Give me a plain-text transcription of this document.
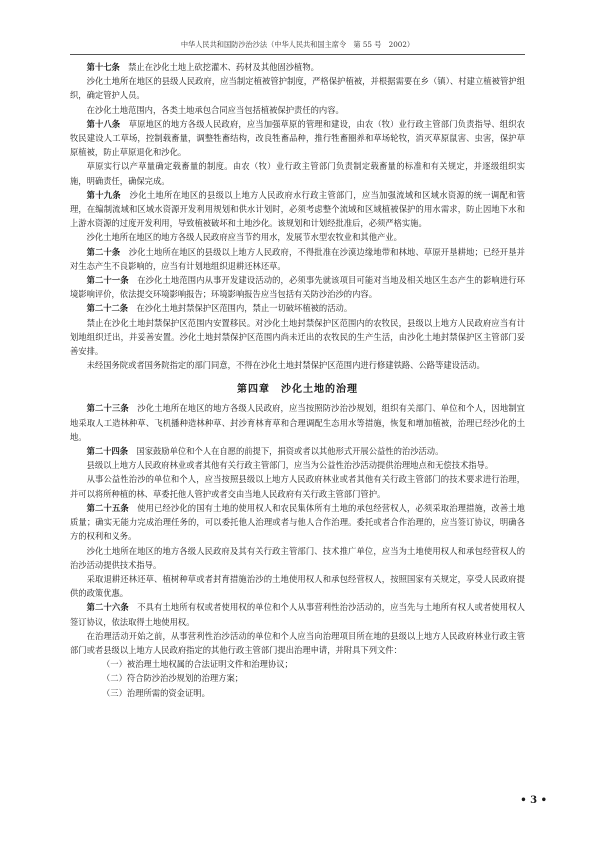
中华人民共和国防沙治沙法（中华人民共和国主席令　第 55 号　2002）

第十七条　禁止在沙化土地上砍挖灌木、药材及其他固沙植物。

沙化土地所在地区的县级人民政府，应当制定植被管护制度，严格保护植被，并根据需要在乡（镇）、村建立植被管护组织，确定管护人员。

在沙化土地范围内，各类土地承包合同应当包括植被保护责任的内容。

第十八条　草原地区的地方各级人民政府，应当加强草原的管理和建设，由农（牧）业行政主管部门负责指导、组织农牧民建设人工草场，控制载畜量，调整牲畜结构，改良牲畜品种，推行牲畜圈养和草场轮牧，消灭草原鼠害、虫害，保护草原植被，防止草原退化和沙化。

草原实行以产草量确定载畜量的制度。由农（牧）业行政主管部门负责制定载畜量的标准和有关规定，并逐级组织实施，明确责任，确保完成。

第十九条　沙化土地所在地区的县级以上地方人民政府水行政主管部门，应当加强流域和区域水资源的统一调配和管理，在编制流域和区域水资源开发利用规划和供水计划时，必须考虑整个流域和区域植被保护的用水需求，防止因地下水和上游水资源的过度开发利用，导致植被破坏和土地沙化。该规划和计划经批准后，必须严格实施。

沙化土地所在地区的地方各级人民政府应当节约用水，发展节水型农牧业和其他产业。

第二十条　沙化土地所在地区的县级以上地方人民政府，不得批准在沙漠边缘地带和林地、草原开垦耕地；已经开垦并对生态产生不良影响的，应当有计划地组织退耕还林还草。

第二十一条　在沙化土地范围内从事开发建设活动的，必须事先就该项目可能对当地及相关地区生态产生的影响进行环境影响评价，依法提交环境影响报告；环境影响报告应当包括有关防沙治沙的内容。

第二十二条　在沙化土地封禁保护区范围内，禁止一切破坏植被的活动。

禁止在沙化土地封禁保护区范围内安置移民。对沙化土地封禁保护区范围内的农牧民，县级以上地方人民政府应当有计划地组织迁出，并妥善安置。沙化土地封禁保护区范围内尚未迁出的农牧民的生产生活，由沙化土地封禁保护区主管部门妥善安排。

未经国务院或者国务院指定的部门同意，不得在沙化土地封禁保护区范围内进行修建铁路、公路等建设活动。

第四章　沙化土地的治理

第二十三条　沙化土地所在地区的地方各级人民政府，应当按照防沙治沙规划，组织有关部门、单位和个人，因地制宜地采取人工造林种草、飞机播种造林种草、封沙育林育草和合理调配生态用水等措施，恢复和增加植被，治理已经沙化的土地。

第二十四条　国家鼓励单位和个人在自愿的前提下，捐资或者以其他形式开展公益性的治沙活动。

县级以上地方人民政府林业或者其他有关行政主管部门，应当为公益性治沙活动提供治理地点和无偿技术指导。

从事公益性治沙的单位和个人，应当按照县级以上地方人民政府林业或者其他有关行政主管部门的技术要求进行治理，并可以将所种植的林、草委托他人管护或者交由当地人民政府有关行政主管部门管护。

第二十五条　使用已经沙化的国有土地的使用权人和农民集体所有土地的承包经营权人，必须采取治理措施，改善土地质量；确实无能力完成治理任务的，可以委托他人治理或者与他人合作治理。委托或者合作治理的，应当签订协议，明确各方的权利和义务。

沙化土地所在地区的地方各级人民政府及其有关行政主管部门、技术推广单位，应当为土地使用权人和承包经营权人的治沙活动提供技术指导。

采取退耕还林还草、植树种草或者封育措施治沙的土地使用权人和承包经营权人，按照国家有关规定，享受人民政府提供的政策优惠。

第二十六条　不具有土地所有权或者使用权的单位和个人从事营利性治沙活动的，应当先与土地所有权人或者使用权人签订协议，依法取得土地使用权。

在治理活动开始之前，从事营利性治沙活动的单位和个人应当向治理项目所在地的县级以上地方人民政府林业行政主管部门或者县级以上地方人民政府指定的其他行政主管部门提出治理申请，并附具下列文件：

（一）被治理土地权属的合法证明文件和治理协议；

（二）符合防沙治沙规划的治理方案；

（三）治理所需的资金证明。

• 3 •
